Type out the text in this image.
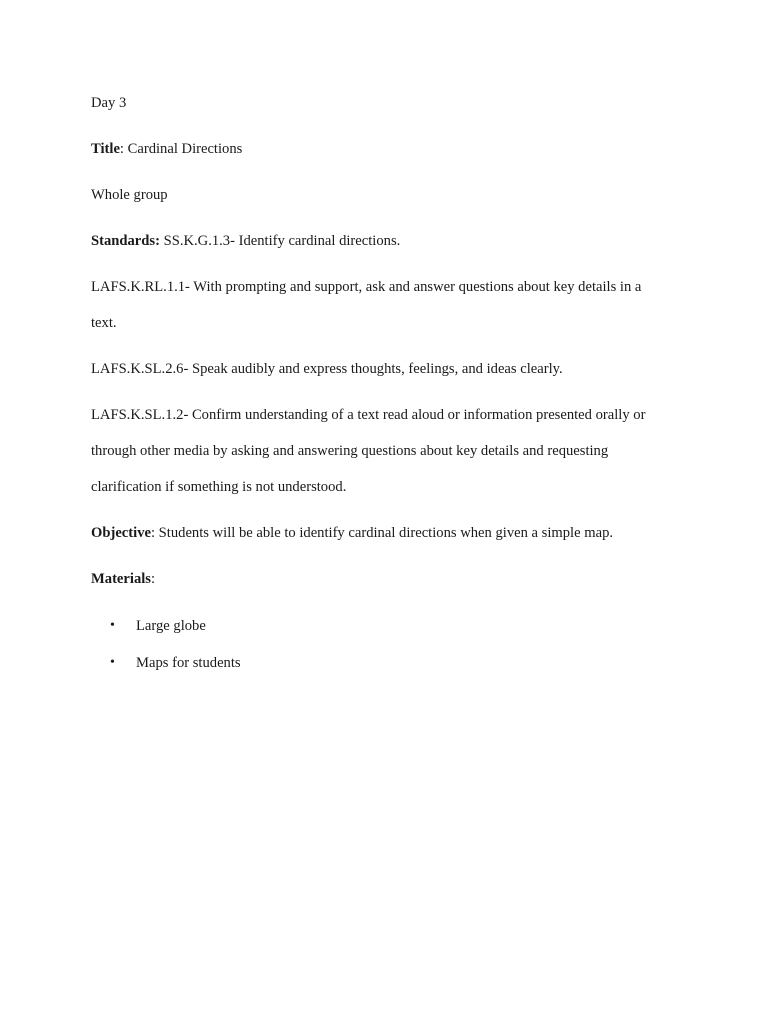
Day 3
Title: Cardinal Directions
Whole group
Standards: SS.K.G.1.3- Identify cardinal directions.
LAFS.K.RL.1.1- With prompting and support, ask and answer questions about key details in a
text.
LAFS.K.SL.2.6- Speak audibly and express thoughts, feelings, and ideas clearly.
LAFS.K.SL.1.2- Confirm understanding of a text read aloud or information presented orally or
through other media by asking and answering questions about key details and requesting
clarification if something is not understood.
Objective: Students will be able to identify cardinal directions when given a simple map.
Materials:
• Large globe
• Maps for students
